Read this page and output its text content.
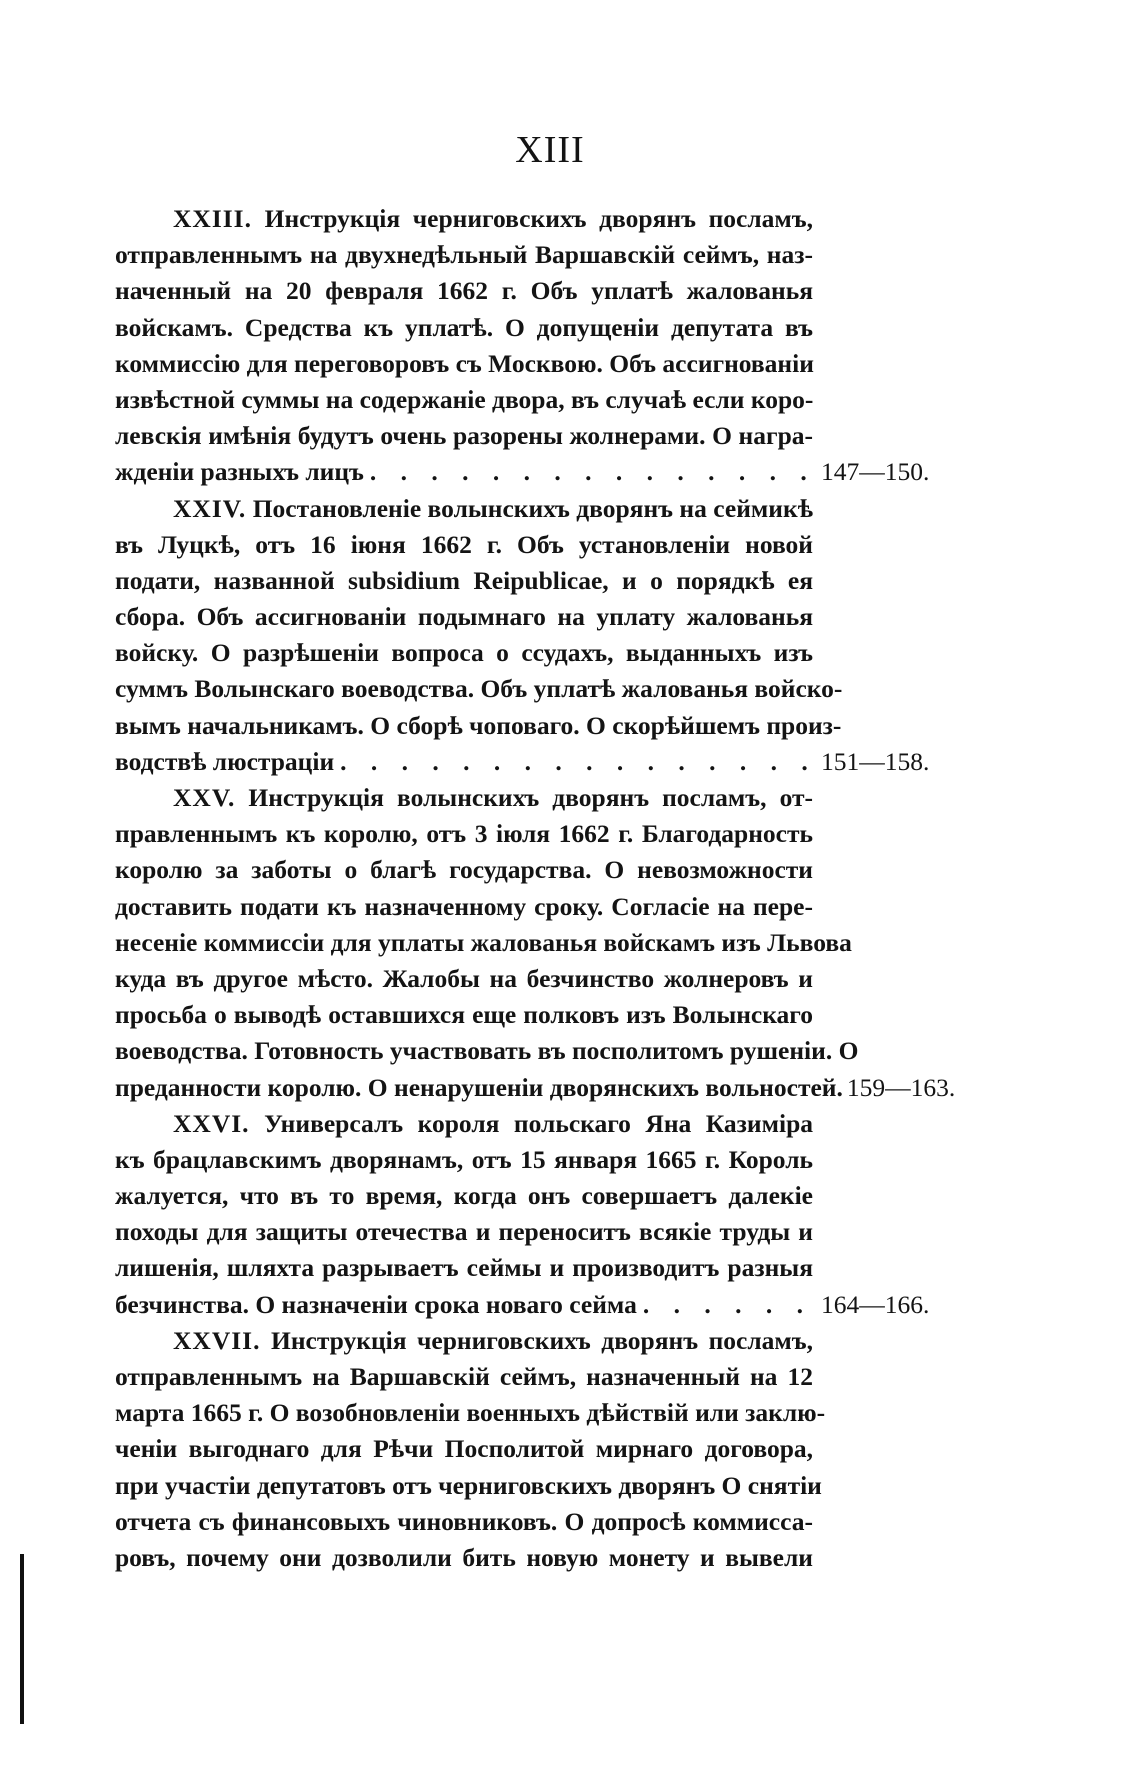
XIII
XXIII. Инструкція черниговскихъ дворянъ посламъ,
отправленнымъ на двухнедѣльный Варшавскій сеймъ, наз-
наченный на 20 февраля 1662 г. Объ уплатѣ жалованья
войскамъ. Средства къ уплатѣ. О допущеніи депутата въ
коммиссію для переговоровъ съ Москвою. Объ ассигнованіи
извѣстной суммы на содержаніе двора, въ случаѣ если коро-
левскія имѣнія будутъ очень разорены жолнерами. О награ-
жденіи разныхъ лицъ . . .	147—150.
XXIV. Постановленіе волынскихъ дворянъ на сеймикѣ
въ Луцкѣ, отъ 16 іюня 1662 г. Объ установленіи новой
подати, названной subsidium Reipublicae, и о порядкѣ ея
сбора. Объ ассигнованіи подымнаго на уплату жалованья
войску. О разрѣшеніи вопроса о ссудахъ, выданныхъ изъ
суммъ Волынскаго воеводства. Объ уплатѣ жалованья войско-
вымъ начальникамъ. О сборѣ чоповаго. О скорѣйшемъ произ-
водствѣ люстраціи . . .	151—158.
XXV. Инструкція волынскихъ дворянъ посламъ, от-
правленнымъ къ королю, отъ 3 іюля 1662 г. Благодарность
королю за заботы о благѣ государства. О невозможности
доставить подати къ назначенному сроку. Согласіе на пере-
несеніе коммиссіи для уплаты жалованья войскамъ изъ Львова
куда въ другое мѣсто. Жалобы на безчинство жолнеровъ и
просьба о выводѣ оставшихся еще полковъ изъ Волынскаго
воеводства. Готовность участвовать въ посполитомъ рушеніи. О
преданности королю. О ненарушеніи дворянскихъ вольностей. 159—163.
XXVI. Универсалъ короля польскаго Яна Казиміра
къ брацлавскимъ дворянамъ, отъ 15 января 1665 г. Король
жалуется, что въ то время, когда онъ совершаетъ далекіе
походы для защиты отечества и переноситъ всякіе труды и
лишенія, шляхта разрываетъ сеймы и производитъ разныя
безчинства. О назначеніи срока новаго сейма . . .	164—166.
XXVII. Инструкція черниговскихъ дворянъ посламъ,
отправленнымъ на Варшавскій сеймъ, назначенный на 12
марта 1665 г. О возобновленіи военныхъ дѣйствій или заклю-
ченіи выгоднаго для Рѣчи Посполитой мирнаго договора,
при участіи депутатовъ отъ черниговскихъ дворянъ О снятіи
отчета съ финансовыхъ чиновниковъ. О допросѣ коммисса-
ровъ, почему они дозволили бить новую монету и вывели
